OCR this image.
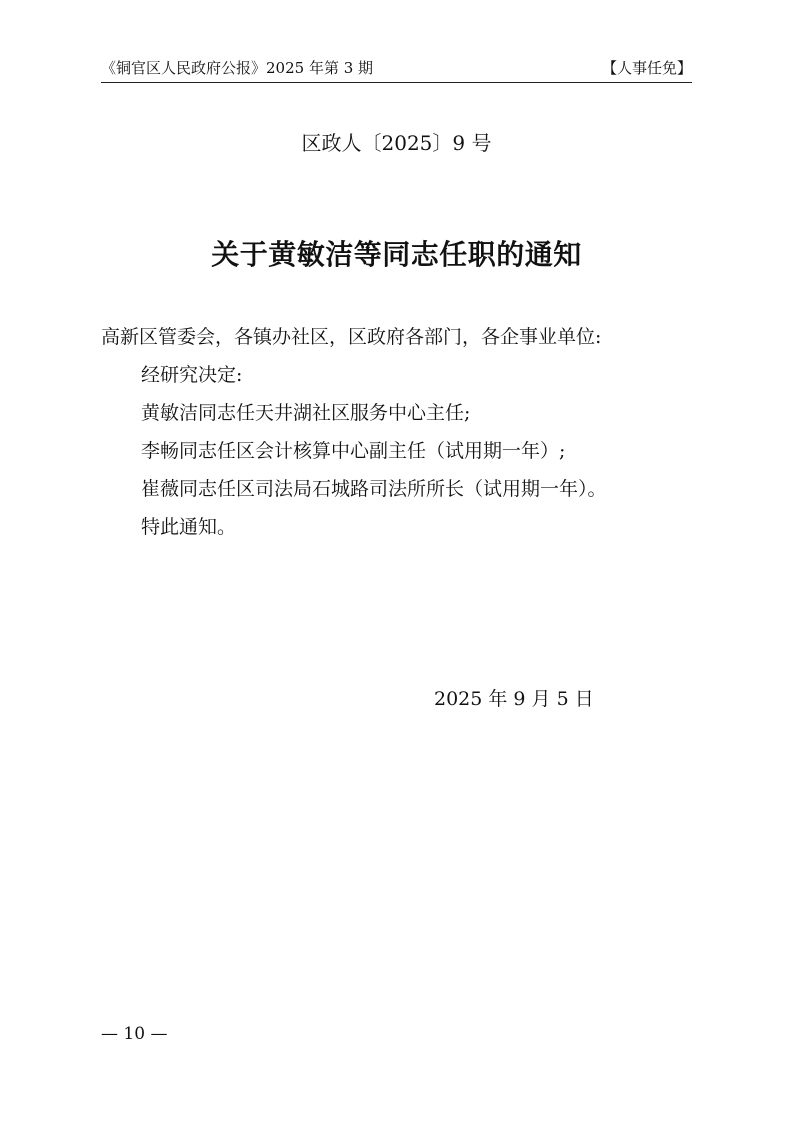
《铜官区人民政府公报》2025 年第 3 期	【人事任免】
区政人〔2025〕9 号
关于黄敏洁等同志任职的通知

高新区管委会，各镇办社区，区政府各部门，各企事业单位:

经研究决定:

黄敏洁同志任天井湖社区服务中心主任;

李畅同志任区会计核算中心副主任（试用期一年）;

崔薇同志任区司法局石城路司法所所长（试用期一年）。

特此通知。

2025 年 9 月 5 日
— 10 —
